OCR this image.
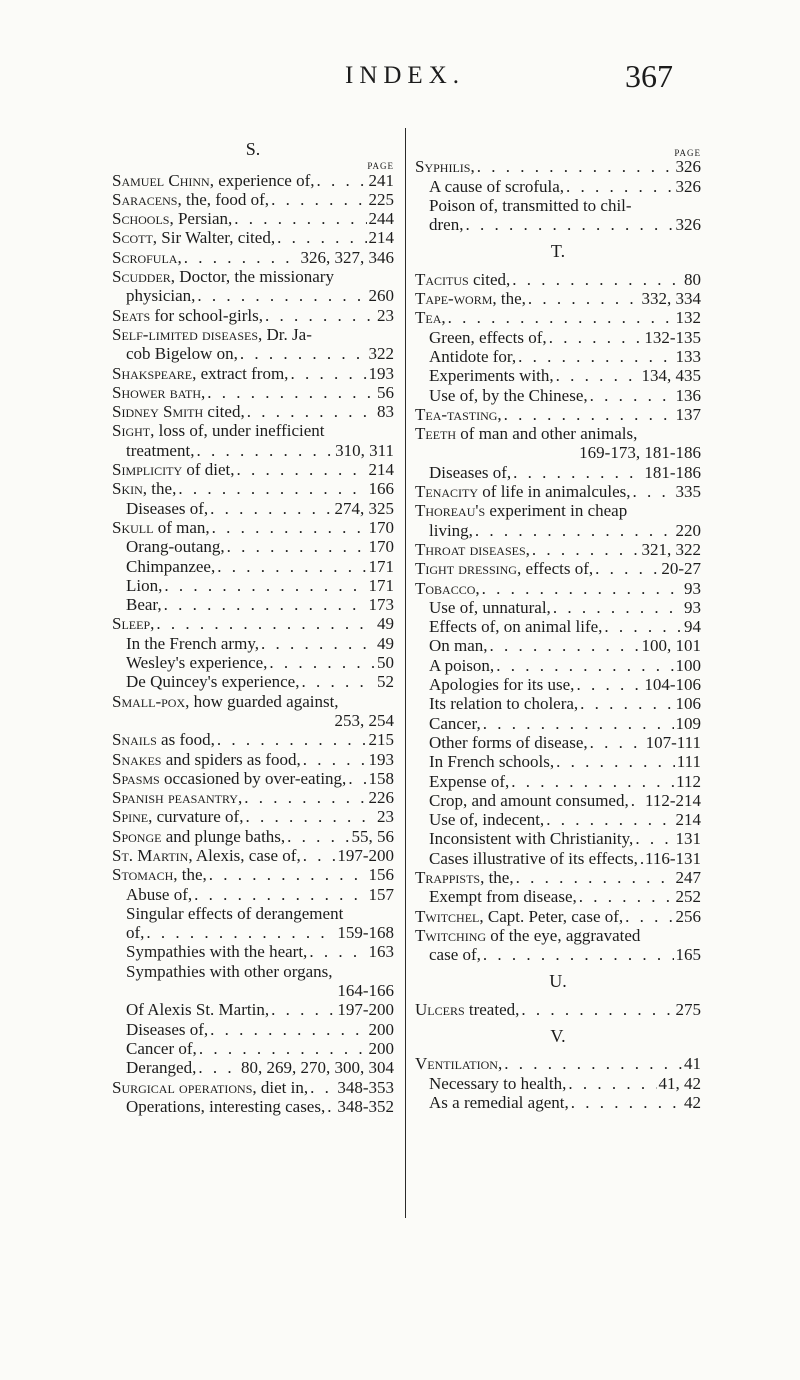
INDEX.	367

S.

PAGE
Samuel Chinn, experience of, . . .	241
Saracens, the, food of, . . .	225
Schools, Persian, . . .	244
Scott, Sir Walter, cited, . . .	214
Scrofula, . . .	326, 327, 346
Scudder, Doctor, the missionary
physician, . . .	260
Seats for school-girls, . . .	23
Self-limited diseases, Dr. Ja-
cob Bigelow on, . . .	322
Shakspeare, extract from, . . .	193
Shower bath, . . .	56
Sidney Smith cited, . . .	83
Sight, loss of, under inefficient
treatment, . . .	310, 311
Simplicity of diet, . . .	214
Skin, the, . . .	166
Diseases of, . . .	274, 325
Skull of man, . . .	170
Orang-outang, . . .	170
Chimpanzee, . . .	171
Lion, . . .	171
Bear, . . .	173
Sleep, . . .	49
In the French army, . . .	49
Wesley's experience, . . .	50
De Quincey's experience, . . .	52
Small-pox, how guarded against,
253, 254
Snails as food, . . .	215
Snakes and spiders as food, . . .	193
Spasms occasioned by over-eating, . . . 158
Spanish peasantry, . . .	226
Spine, curvature of, . . .	23
Sponge and plunge baths, . . .	55, 56
St. Martin, Alexis, case of, . . . 197-200
Stomach, the, . . .	156
Abuse of, . . .	157
Singular effects of derangement
of, . . .	159-168
Sympathies with the heart, . . .	163
Sympathies with other organs,
164-166
Of Alexis St. Martin, . . .	197-200
Diseases of, . . .	200
Cancer of, . . .	200
Deranged, . . .	80, 269, 270, 300, 304
Surgical operations, diet in, . . . 348-353
Operations, interesting cases, . . . 348-352
PAGE
Syphilis, . . .	326
A cause of scrofula, . . .	326
Poison of, transmitted to chil-
dren, . . .	326

T.

Tacitus cited, . . .	80
Tape-worm, the, . . .	332, 334
Tea, . . .	132
Green, effects of, . . .	132-135
Antidote for, . . .	133
Experiments with, . . .	134, 435
Use of, by the Chinese, . . .	136
Tea-tasting, . . .	137
Teeth of man and other animals,
169-173, 181-186
Diseases of, . . .	181-186
Tenacity of life in animalcules, . . .	335
Thoreau's experiment in cheap
living, . . .	220
Throat diseases, . . .	321, 322
Tight dressing, effects of, . . .	20-27
Tobacco, . . .	93
Use of, unnatural, . . .	93
Effects of, on animal life, . . .	94
On man, . . .	100, 101
A poison, . . .	100
Apologies for its use, . . .	104-106
Its relation to cholera, . . .	106
Cancer, . . .	109
Other forms of disease, . . .	107-111
In French schools, . . .	111
Expense of, . . .	112
Crop, and amount consumed, . . . 112-214
Use of, indecent, . . .	214
Inconsistent with Christianity, . . . 131
Cases illustrative of its effects, . . . 116-131
Trappists, the, . . .	247
Exempt from disease, . . .	252
Twitchel, Capt. Peter, case of, . . .	256
Twitching of the eye, aggravated
case of, . . .	165

U.

Ulcers treated, . . .	275

V.

Ventilation, . . .	41
Necessary to health, . . .	41, 42
As a remedial agent, . . .	42
